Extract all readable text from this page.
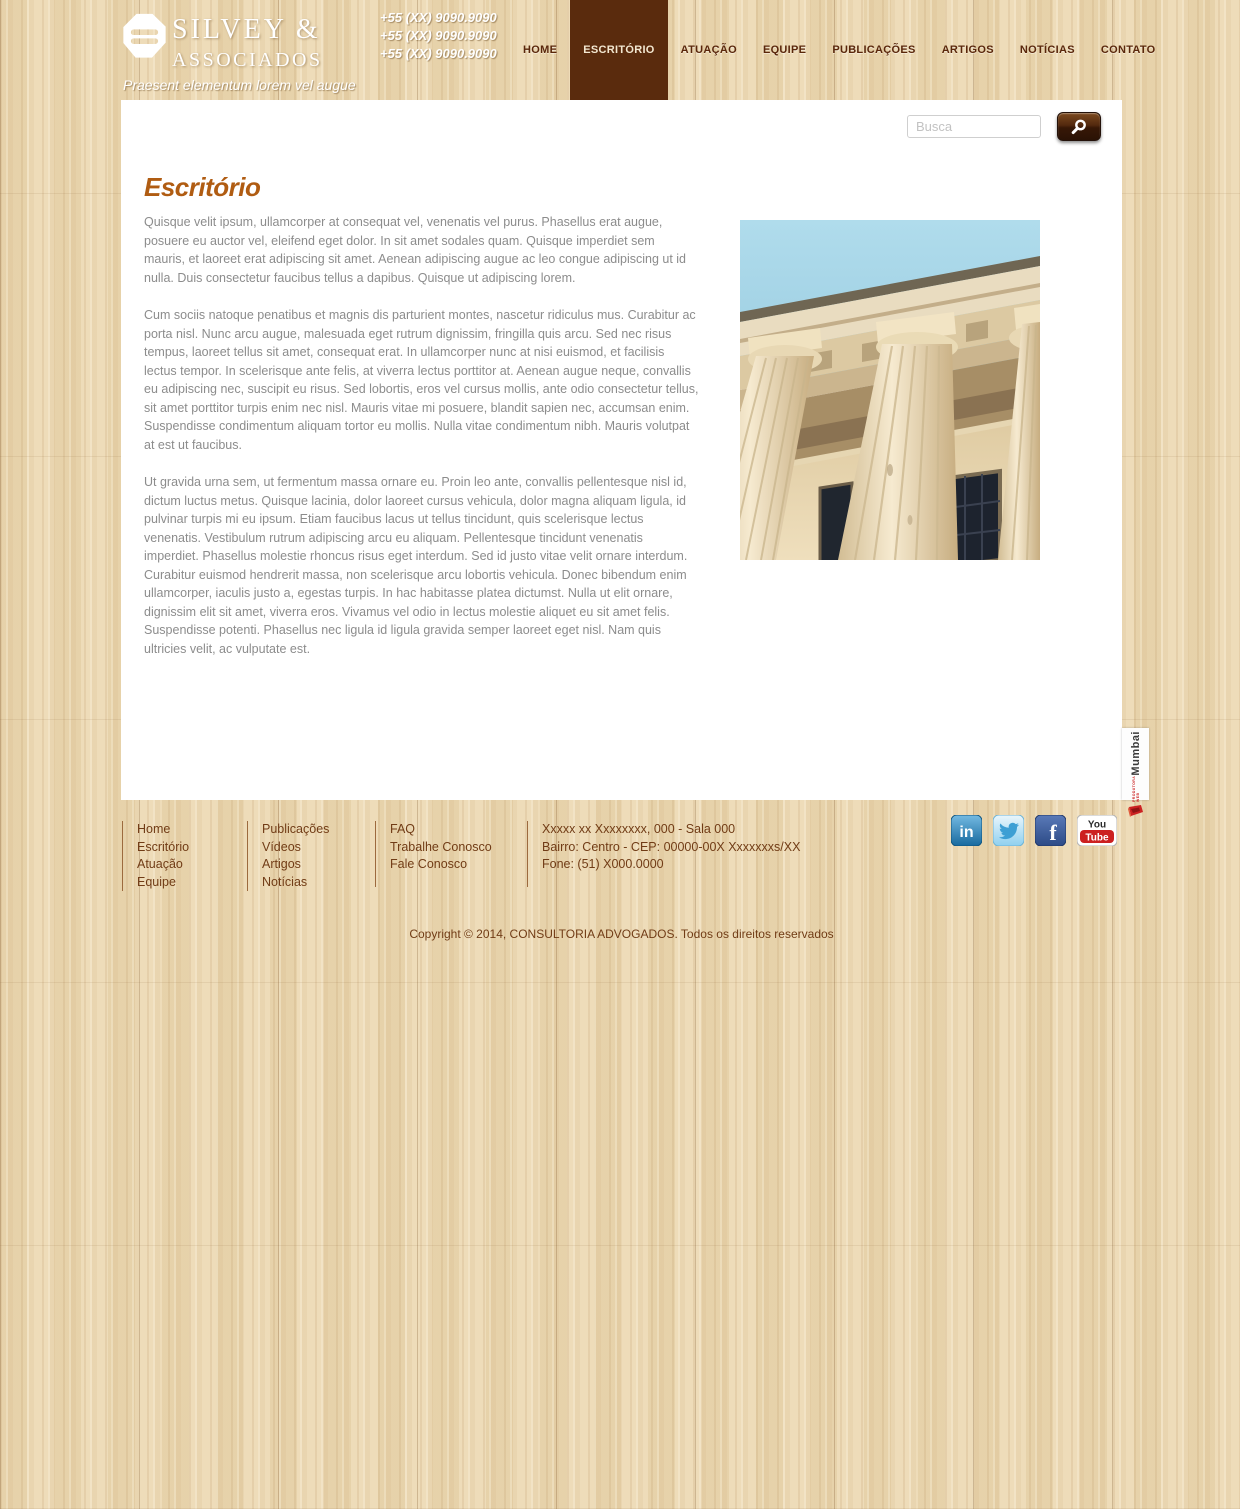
SILVEY &
ASSOCIADOS
+55 (XX) 9090.9090
+55 (XX) 9090.9090
+55 (XX) 9090.9090
Praesent elementum lorem vel augue
HOME	ESCRITÓRIO	ATUAÇÃO	EQUIPE	PUBLICAÇÕES	ARTIGOS	NOTÍCIAS	CONTATO
Busca
Escritório

Quisque velit ipsum, ullamcorper at consequat vel, venenatis vel purus. Phasellus erat augue, posuere eu auctor vel, eleifend eget dolor. In sit amet sodales quam. Quisque imperdiet sem mauris, et laoreet erat adipiscing sit amet. Aenean adipiscing augue ac leo congue adipiscing ut id nulla. Duis consectetur faucibus tellus a dapibus. Quisque ut adipiscing lorem.

Cum sociis natoque penatibus et magnis dis parturient montes, nascetur ridiculus mus. Curabitur ac porta nisl. Nunc arcu augue, malesuada eget rutrum dignissim, fringilla quis arcu. Sed nec risus tempus, laoreet tellus sit amet, consequat erat. In ullamcorper nunc at nisi euismod, et facilisis lectus tempor. In scelerisque ante felis, at viverra lectus porttitor at. Aenean augue neque, convallis eu adipiscing nec, suscipit eu risus. Sed lobortis, eros vel cursus mollis, ante odio consectetur tellus, sit amet porttitor turpis enim nec nisl. Mauris vitae mi posuere, blandit sapien nec, accumsan enim. Suspendisse condimentum aliquam tortor eu mollis. Nulla vitae condimentum nibh. Mauris volutpat at est ut faucibus.

Ut gravida urna sem, ut fermentum massa ornare eu. Proin leo ante, convallis pellentesque nisl id, dictum luctus metus. Quisque lacinia, dolor laoreet cursus vehicula, dolor magna aliquam ligula, id pulvinar turpis mi eu ipsum. Etiam faucibus lacus ut tellus tincidunt, quis scelerisque lectus venenatis. Vestibulum rutrum adipiscing arcu eu aliquam. Pellentesque tincidunt venenatis imperdiet. Phasellus molestie rhoncus risus eget interdum. Sed id justo vitae velit ornare interdum. Curabitur euismod hendrerit massa, non scelerisque arcu lobortis vehicula. Donec bibendum enim ullamcorper, iaculis justo a, egestas turpis. In hac habitasse platea dictumst. Nulla ut elit ornare, dignissim elit sit amet, viverra eros. Vivamus vel odio in lectus molestie aliquet eu sit amet felis. Suspendisse potenti. Phasellus nec ligula id ligula gravida semper laoreet eget nisl. Nam quis ultricies velit, ac vulputate est.

Mumbai
PRODUTORA WEB
Home
Escritório
Atuação
Equipe
Publicações
Vídeos
Artigos
Notícias
FAQ
Trabalhe Conosco
Fale Conosco
Xxxxx xx Xxxxxxxx, 000 - Sala 000
Bairro: Centro - CEP: 00000-00X Xxxxxxxs/XX
Fone: (51) X000.0000
in	f	You
Tube
Copyright © 2014, CONSULTORIA ADVOGADOS. Todos os direitos reservados
